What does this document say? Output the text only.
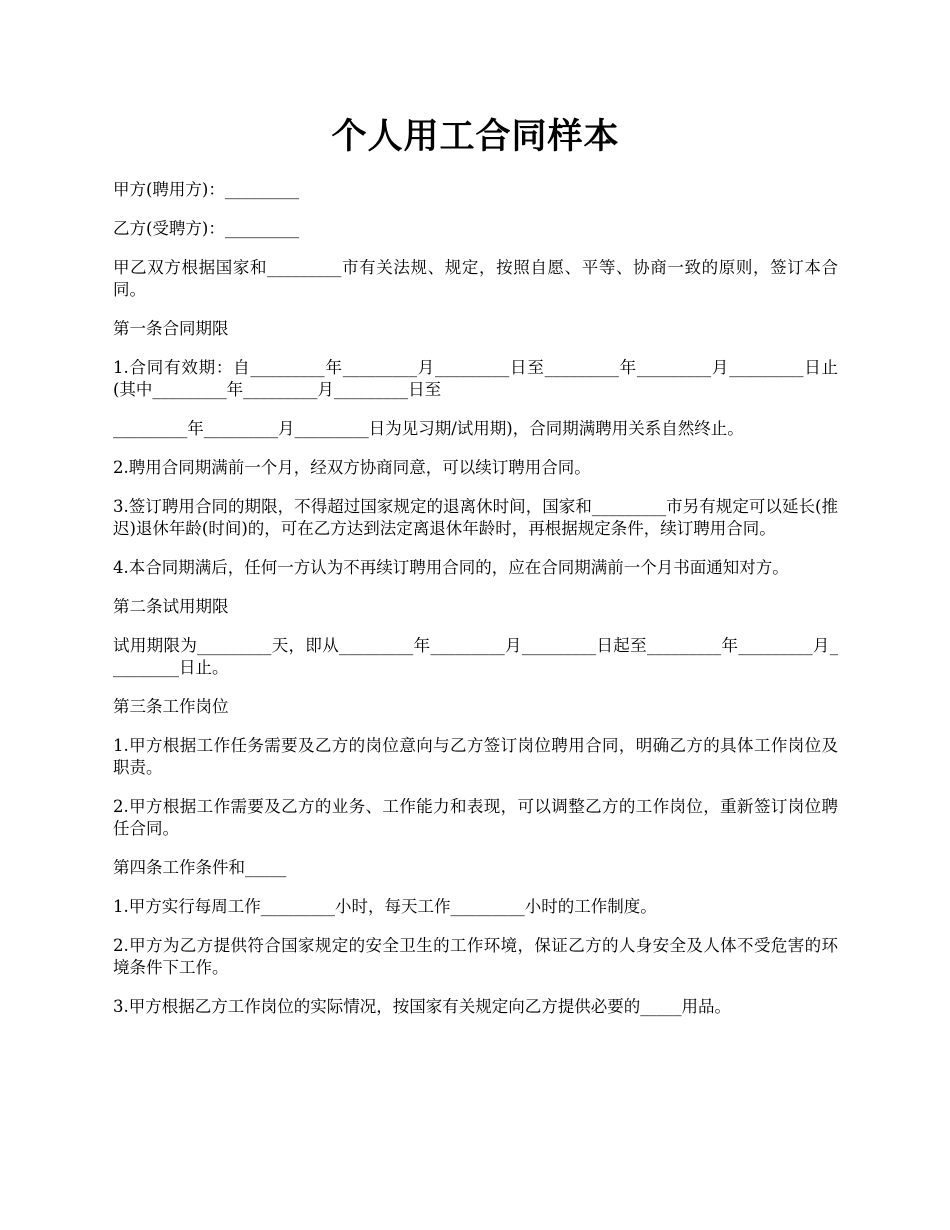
个人用工合同样本

甲方(聘用方)：_________

乙方(受聘方)：_________

甲乙双方根据国家和_________市有关法规、规定，按照自愿、平等、协商一致的原则，签订本合同。

第一条合同期限

1.合同有效期：自_________年_________月_________日至_________年_________月_________日止(其中_________年_________月_________日至

_________年_________月_________日为见习期/试用期)，合同期满聘用关系自然终止。

2.聘用合同期满前一个月，经双方协商同意，可以续订聘用合同。

3.签订聘用合同的期限，不得超过国家规定的退离休时间，国家和_________市另有规定可以延长(推迟)退休年龄(时间)的，可在乙方达到法定离退休年龄时，再根据规定条件，续订聘用合同。

4.本合同期满后，任何一方认为不再续订聘用合同的，应在合同期满前一个月书面通知对方。

第二条试用期限

试用期限为_________天，即从_________年_________月_________日起至_________年_________月_________日止。

第三条工作岗位

1.甲方根据工作任务需要及乙方的岗位意向与乙方签订岗位聘用合同，明确乙方的具体工作岗位及职责。

2.甲方根据工作需要及乙方的业务、工作能力和表现，可以调整乙方的工作岗位，重新签订岗位聘任合同。

第四条工作条件和_____

1.甲方实行每周工作_________小时，每天工作_________小时的工作制度。

2.甲方为乙方提供符合国家规定的安全卫生的工作环境，保证乙方的人身安全及人体不受危害的环境条件下工作。

3.甲方根据乙方工作岗位的实际情况，按国家有关规定向乙方提供必要的_____用品。
